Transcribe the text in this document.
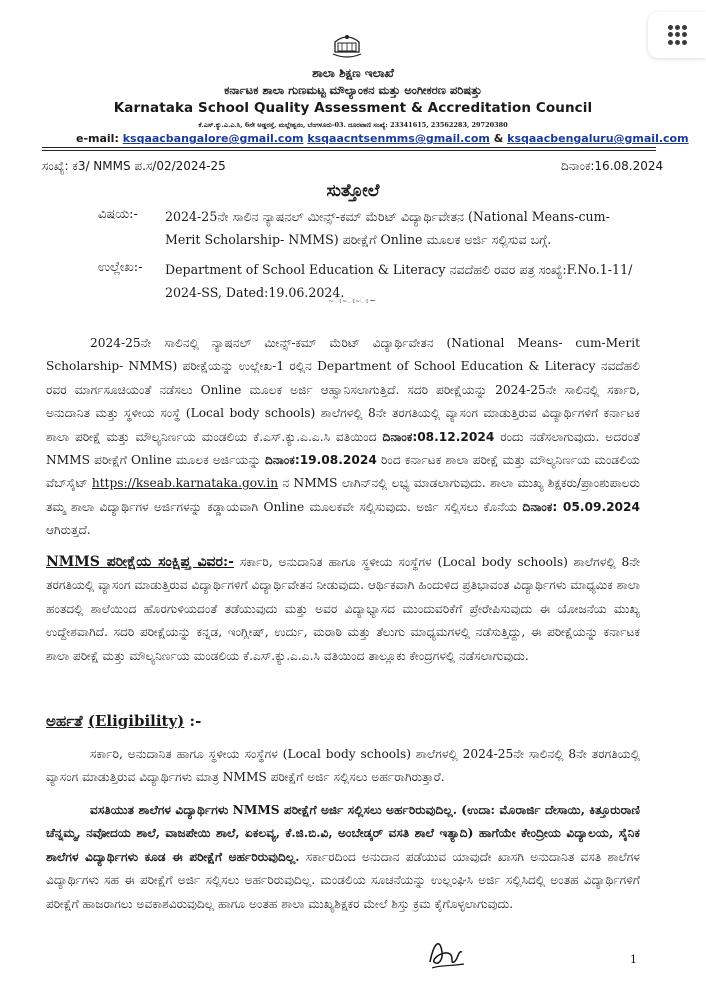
ಶಾಲಾ ಶಿಕ್ಷಣ ಇಲಾಖೆ
ಕರ್ನಾಟಕ ಶಾಲಾ ಗುಣಮಟ್ಟ ಮೌಲ್ಯಾಂಕನ ಮತ್ತು ಅಂಗೀಕರಣ ಪರಿಷತ್ತು
Karnataka School Quality Assessment & Accreditation Council
ಕೆ.ಎಸ್.ಕ್ಯು.ಎ.ಎ.ಸಿ, 6ನೇ ಅಡ್ಡರಸ್ತೆ, ಮಲ್ಲೇಶ್ವರಂ, ಬೆಂಗಳೂರು-03. ದೂರವಾಣಿ ಸಂಖ್ಯೆ: 23341615, 23562283, 29720380
e-mail: ksqaacbangalore@gmail.com ksqaacntsenmms@gmail.com & ksqaacbengaluru@gmail.com
ಸಂಖ್ಯೆ: ಕ3/ NMMS ಪ.ಸ/02/2024-25	ದಿನಾಂಕ:16.08.2024
ಸುತ್ತೋಲೆ
ವಿಷಯ:- 2024-25ನೇ ಸಾಲಿನ ನ್ಯಾಷನಲ್ ಮೀನ್ಸ್-ಕಮ್ ಮೆರಿಟ್ ವಿದ್ಯಾರ್ಥಿವೇತನ (National Means-cum- Merit Scholarship- NMMS) ಪರೀಕ್ಷೆಗೆ Online ಮೂಲಕ ಅರ್ಜಿ ಸಲ್ಲಿಸುವ ಬಗ್ಗೆ.
ಉಲ್ಲೇಖ:- Department of School Education & Literacy ನವದೆಹಲಿ ರವರ ಪತ್ರ ಸಂಖ್ಯೆ:F.No.1-11/ 2024-SS, Dated:19.06.2024.
~ಃ~ಃ~ಃ~
2024-25ನೇ ಸಾಲಿನಲ್ಲಿ ನ್ಯಾಷನಲ್ ಮೀನ್ಸ್-ಕಮ್ ಮೆರಿಟ್ ವಿದ್ಯಾರ್ಥಿವೇತನ (National Means- cum-Merit Scholarship- NMMS) ಪರೀಕ್ಷೆಯನ್ನು ಉಲ್ಲೇಖ-1 ರಲ್ಲಿನ Department of School Education & Literacy ನವದೆಹಲಿ ರವರ ಮಾರ್ಗಸೂಚಿಯಂತೆ ನಡೆಸಲು Online ಮೂಲಕ ಅರ್ಜಿ ಆಹ್ವಾನಿಸಲಾಗುತ್ತಿದೆ. ಸದರಿ ಪರೀಕ್ಷೆಯನ್ನು 2024-25ನೇ ಸಾಲಿನಲ್ಲಿ ಸರ್ಕಾರಿ, ಅನುದಾನಿತ ಮತ್ತು ಸ್ಥಳೀಯ ಸಂಸ್ಥೆ (Local body schools) ಶಾಲೆಗಳಲ್ಲಿ 8ನೇ ತರಗತಿಯಲ್ಲಿ ವ್ಯಾಸಂಗ ಮಾಡುತ್ತಿರುವ ವಿದ್ಯಾರ್ಥಿಗಳಿಗೆ ಕರ್ನಾಟಕ ಶಾಲಾ ಪರೀಕ್ಷೆ ಮತ್ತು ಮೌಲ್ಯನಿರ್ಣಯ ಮಂಡಲಿಯ ಕೆ.ಎಸ್.ಕ್ಯು.ಎ.ಎ.ಸಿ ವತಿಯಿಂದ ದಿನಾಂಕ:08.12.2024 ರಂದು ನಡೆಸಲಾಗುವುದು. ಅದರಂತೆ NMMS ಪರೀಕ್ಷೆಗೆ Online ಮೂಲಕ ಅರ್ಜಿಯನ್ನು ದಿನಾಂಕ:19.08.2024 ರಿಂದ ಕರ್ನಾಟಕ ಶಾಲಾ ಪರೀಕ್ಷೆ ಮತ್ತು ಮೌಲ್ಯನಿರ್ಣಯ ಮಂಡಲಿಯ ವೆಬ್‌ಸೈಟ್ https://kseab.karnataka.gov.in ನ NMMS ಲಾಗಿನ್‌ನಲ್ಲಿ ಲಭ್ಯ ಮಾಡಲಾಗುವುದು. ಶಾಲಾ ಮುಖ್ಯ ಶಿಕ್ಷಕರು/ಪ್ರಾಂಶುಪಾಲರು ತಮ್ಮ ಶಾಲಾ ವಿದ್ಯಾರ್ಥಿಗಳ ಅರ್ಜಿಗಳನ್ನು ಕಡ್ಡಾಯವಾಗಿ Online ಮೂಲಕವೇ ಸಲ್ಲಿಸುವುದು. ಅರ್ಜಿ ಸಲ್ಲಿಸಲು ಕೊನೆಯ ದಿನಾಂಕ: 05.09.2024 ಆಗಿರುತ್ತದೆ.
NMMS ಪರೀಕ್ಷೆಯ ಸಂಕ್ಷಿಪ್ತ ವಿವರ:- ಸರ್ಕಾರಿ, ಅನುದಾನಿತ ಹಾಗೂ ಸ್ಥಳೀಯ ಸಂಸ್ಥೆಗಳ (Local body schools) ಶಾಲೆಗಳಲ್ಲಿ 8ನೇ ತರಗತಿಯಲ್ಲಿ ವ್ಯಾಸಂಗ ಮಾಡುತ್ತಿರುವ ವಿದ್ಯಾರ್ಥಿಗಳಿಗೆ ವಿದ್ಯಾರ್ಥಿವೇತನ ನೀಡುವುದು. ಆರ್ಥಿಕವಾಗಿ ಹಿಂದುಳಿದ ಪ್ರತಿಭಾವಂತ ವಿದ್ಯಾರ್ಥಿಗಳು ಮಾಧ್ಯಮಿಕ ಶಾಲಾ ಹಂತದಲ್ಲಿ ಶಾಲೆಯಿಂದ ಹೊರಗುಳಿಯದಂತೆ ತಡೆಯುವುದು ಮತ್ತು ಅವರ ವಿದ್ಯಾಭ್ಯಾಸದ ಮುಂದುವರಿಕೆಗೆ ಪ್ರೇರೇಪಿಸುವುದು ಈ ಯೋಜನೆಯ ಮುಖ್ಯ ಉದ್ದೇಶವಾಗಿದೆ. ಸದರಿ ಪರೀಕ್ಷೆಯನ್ನು ಕನ್ನಡ, ಇಂಗ್ಲೀಷ್, ಉರ್ದು, ಮರಾಠಿ ಮತ್ತು ತೆಲುಗು ಮಾಧ್ಯಮಗಳಲ್ಲಿ ನಡೆಸುತ್ತಿದ್ದು, ಈ ಪರೀಕ್ಷೆಯನ್ನು ಕರ್ನಾಟಕ ಶಾಲಾ ಪರೀಕ್ಷೆ ಮತ್ತು ಮೌಲ್ಯನಿರ್ಣಯ ಮಂಡಲಿಯ ಕೆ.ಎಸ್.ಕ್ಯು.ಎ.ಎ.ಸಿ ವತಿಯಿಂದ ತಾಲ್ಲೂಕು ಕೇಂದ್ರಗಳಲ್ಲಿ ನಡೆಸಲಾಗುವುದು.
ಅರ್ಹತೆ (Eligibility) :-
ಸರ್ಕಾರಿ, ಅನುದಾನಿತ ಹಾಗೂ ಸ್ಥಳೀಯ ಸಂಸ್ಥೆಗಳ (Local body schools) ಶಾಲೆಗಳಲ್ಲಿ 2024-25ನೇ ಸಾಲಿನಲ್ಲಿ 8ನೇ ತರಗತಿಯಲ್ಲಿ ವ್ಯಾಸಂಗ ಮಾಡುತ್ತಿರುವ ವಿದ್ಯಾರ್ಥಿಗಳು ಮಾತ್ರ NMMS ಪರೀಕ್ಷೆಗೆ ಅರ್ಜಿ ಸಲ್ಲಿಸಲು ಅರ್ಹರಾಗಿರುತ್ತಾರೆ.
ವಸತಿಯುತ ಶಾಲೆಗಳ ವಿದ್ಯಾರ್ಥಿಗಳು NMMS ಪರೀಕ್ಷೆಗೆ ಅರ್ಜಿ ಸಲ್ಲಿಸಲು ಅರ್ಹರಿರುವುದಿಲ್ಲ. (ಉದಾ: ಮೊರಾರ್ಜಿ ದೇಸಾಯಿ, ಕಿತ್ತೂರುರಾಣಿ ಚೆನ್ನಮ್ಮ, ನವೋದಯ ಶಾಲೆ, ವಾಜಪೇಯಿ ಶಾಲೆ, ಏಕಲವ್ಯ, ಕೆ.ಜಿ.ಬಿ.ವಿ, ಅಂಬೇಡ್ಕರ್ ವಸತಿ ಶಾಲೆ ಇತ್ಯಾದಿ) ಹಾಗೆಯೇ ಕೇಂದ್ರೀಯ ವಿದ್ಯಾಲಯ, ಸೈನಿಕ ಶಾಲೆಗಳ ವಿದ್ಯಾರ್ಥಿಗಳು ಕೂಡ ಈ ಪರೀಕ್ಷೆಗೆ ಅರ್ಹರಿರುವುದಿಲ್ಲ. ಸರ್ಕಾರದಿಂದ ಅನುದಾನ ಪಡೆಯುವ ಯಾವುದೇ ಖಾಸಗಿ ಅನುದಾನಿತ ವಸತಿ ಶಾಲೆಗಳ ವಿದ್ಯಾರ್ಥಿಗಳು ಸಹ ಈ ಪರೀಕ್ಷೆಗೆ ಅರ್ಜಿ ಸಲ್ಲಿಸಲು ಅರ್ಹರಿರುವುದಿಲ್ಲ. ಮಂಡಲಿಯ ಸೂಚನೆಯನ್ನು ಉಲ್ಲಂಘಿಸಿ ಅರ್ಜಿ ಸಲ್ಲಿಸಿದಲ್ಲಿ ಅಂತಹ ವಿದ್ಯಾರ್ಥಿಗಳಿಗೆ ಪರೀಕ್ಷೆಗೆ ಹಾಜರಾಗಲು ಅವಕಾಶವಿರುವುದಿಲ್ಲ ಹಾಗೂ ಅಂತಹ ಶಾಲಾ ಮುಖ್ಯಶಿಕ್ಷಕರ ಮೇಲೆ ಶಿಸ್ತು ಕ್ರಮ ಕೈಗೊಳ್ಳಲಾಗುವುದು.
1
